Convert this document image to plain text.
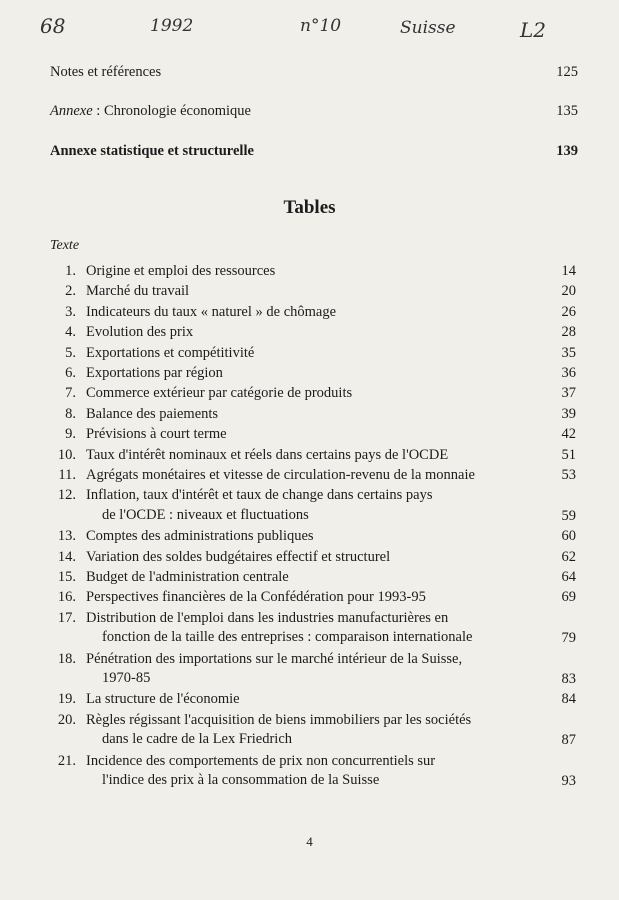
68	1992	n°10	Suisse	L2
Notes et références	125
Annexe : Chronologie économique	135
Annexe statistique et structurelle	139
Tables
Texte
1. Origine et emploi des ressources	14
2. Marché du travail	20
3. Indicateurs du taux « naturel » de chômage	26
4. Evolution des prix	28
5. Exportations et compétitivité	35
6. Exportations par région	36
7. Commerce extérieur par catégorie de produits	37
8. Balance des paiements	39
9. Prévisions à court terme	42
10. Taux d'intérêt nominaux et réels dans certains pays de l'OCDE	51
11. Agrégats monétaires et vitesse de circulation-revenu de la monnaie	53
12. Inflation, taux d'intérêt et taux de change dans certains pays
de l'OCDE : niveaux et fluctuations	59
13. Comptes des administrations publiques	60
14. Variation des soldes budgétaires effectif et structurel	62
15. Budget de l'administration centrale	64
16. Perspectives financières de la Confédération pour 1993-95	69
17. Distribution de l'emploi dans les industries manufacturières en
fonction de la taille des entreprises : comparaison internationale	79
18. Pénétration des importations sur le marché intérieur de la Suisse,
1970-85	83
19. La structure de l'économie	84
20. Règles régissant l'acquisition de biens immobiliers par les sociétés
dans le cadre de la Lex Friedrich	87
21. Incidence des comportements de prix non concurrentiels sur
l'indice des prix à la consommation de la Suisse	93
4
